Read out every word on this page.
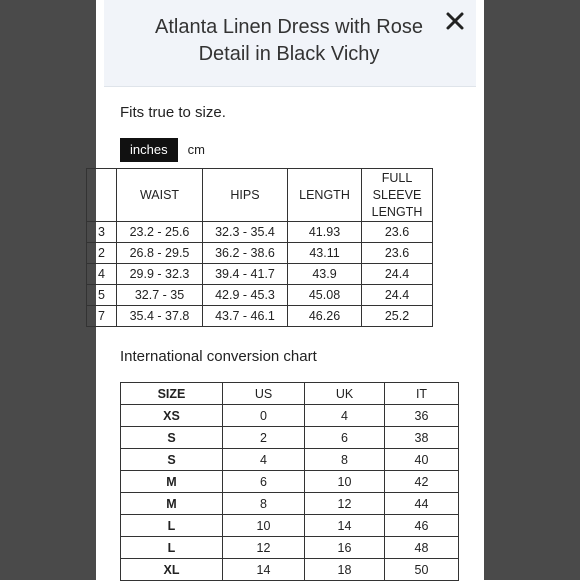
Atlanta Linen Dress with Rose
Detail in Black Vichy
Fits true to size.
inches cm
	WAIST	HIPS	LENGTH	FULL SLEEVE LENGTH
3	23.2 - 25.6	32.3 - 35.4	41.93	23.6
2	26.8 - 29.5	36.2 - 38.6	43.11	23.6
4	29.9 - 32.3	39.4 - 41.7	43.9	24.4
5	32.7 - 35	42.9 - 45.3	45.08	24.4
7	35.4 - 37.8	43.7 - 46.1	46.26	25.2
International conversion chart
SIZE	US	UK	IT
XS	0	4	36
S	2	6	38
S	4	8	40
M	6	10	42
M	8	12	44
L	10	14	46
L	12	16	48
XL	14	18	50
